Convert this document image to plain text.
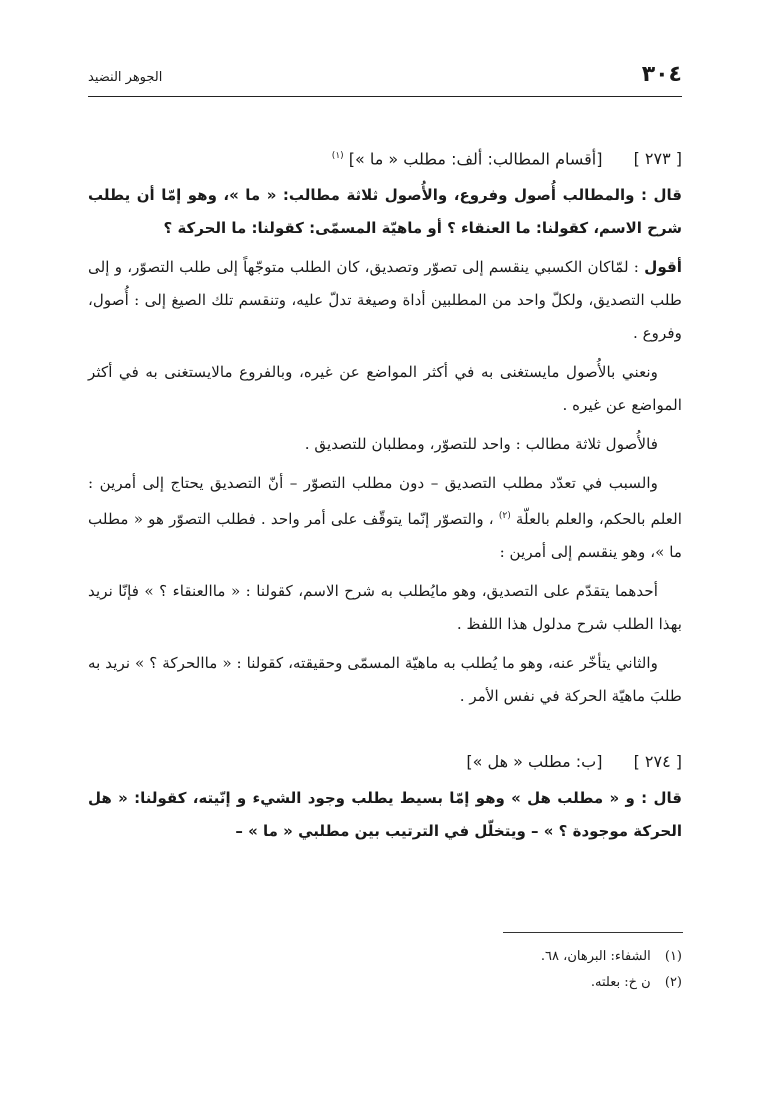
٣٠٤
الجوهر النضيد
[ ٢٧٣ ] [أقسام المطالب: ألف: مطلب « ما »] $^{(١)}$

قال : والمطالب أُصول وفروع، والأُصول ثلاثة مطالب: « ما »، وهو إمّا أن يطلب شرح الاسم، كقولنا: ما العنقاء ؟ أو ماهيّة المسمّى: كقولنا: ما الحركة ؟

أقول : لمّاكان الكسبي ينقسم إلى تصوّر وتصديق، كان الطلب متوجّهاً إلى طلب التصوّر، و إلى طلب التصديق، ولكلّ واحد من المطلبين أداة وصيغة تدلّ عليه، وتنقسم تلك الصيغ إلى : أُصول، وفروع .

ونعني بالأُصول مايستغنى به في أكثر المواضع عن غيره، وبالفروع مالايستغنى به في أكثر المواضع عن غيره .

فالأُصول ثلاثة مطالب : واحد للتصوّر، ومطلبان للتصديق .

والسبب في تعدّد مطلب التصديق – دون مطلب التصوّر – أنّ التصديق يحتاج إلى أمرين : العلم بالحكم، والعلم بالعلّة $^{(٢)}$ ، والتصوّر إنّما يتوقّف على أمر واحد . فطلب التصوّر هو « مطلب ما »، وهو ينقسم إلى أمرين :

أحدهما يتقدّم على التصديق، وهو مايُطلب به شرح الاسم، كقولنا : « ماالعنقاء ؟ » فإنّا نريد بهذا الطلب شرح مدلول هذا اللفظ .

والثاني يتأخّر عنه، وهو ما يُطلب به ماهيّة المسمّى وحقيقته، كقولنا : « ماالحركة ؟ » نريد به طلبَ ماهيّة الحركة في نفس الأمر .

[ ٢٧٤ ] [ب: مطلب « هل »]

قال : و « مطلب هل » وهو إمّا بسيط يطلب وجود الشيء و إنّيته، كقولنا: « هل الحركة موجودة ؟ » – ويتخلّل في الترتيب بين مطلبي « ما » –

(١) الشفاء: البرهان، ٦٨.
(٢) ن خ: بعلته.
